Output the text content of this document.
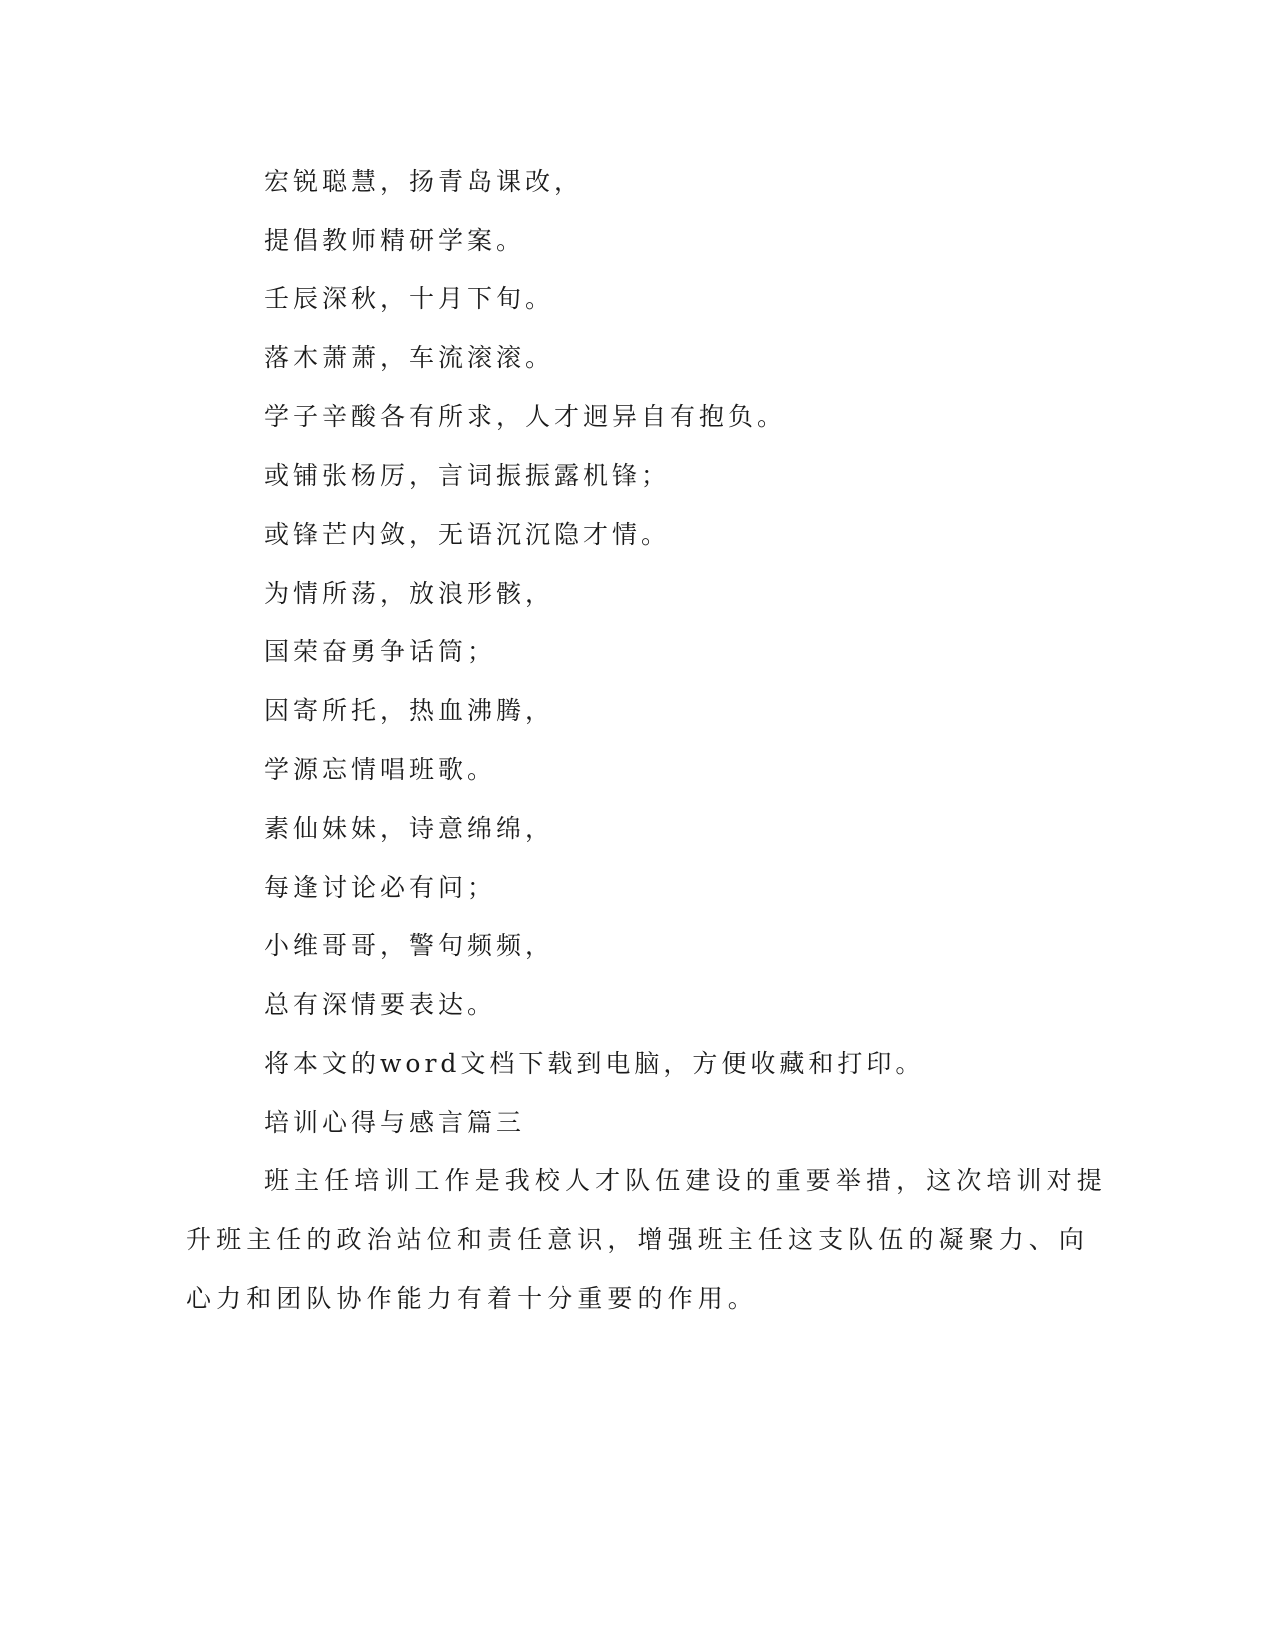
宏锐聪慧，扬青岛课改，
提倡教师精研学案。
壬辰深秋，十月下旬。
落木萧萧，车流滚滚。
学子辛酸各有所求，人才迥异自有抱负。
或铺张杨厉，言词振振露机锋；
或锋芒内敛，无语沉沉隐才情。
为情所荡，放浪形骸，
国荣奋勇争话筒；
因寄所托，热血沸腾，
学源忘情唱班歌。
素仙妹妹，诗意绵绵，
每逢讨论必有问；
小维哥哥，警句频频，
总有深情要表达。
将本文的word文档下载到电脑，方便收藏和打印。
培训心得与感言篇三
班主任培训工作是我校人才队伍建设的重要举措，这次培训对提
升班主任的政治站位和责任意识，增强班主任这支队伍的凝聚力、向
心力和团队协作能力有着十分重要的作用。
